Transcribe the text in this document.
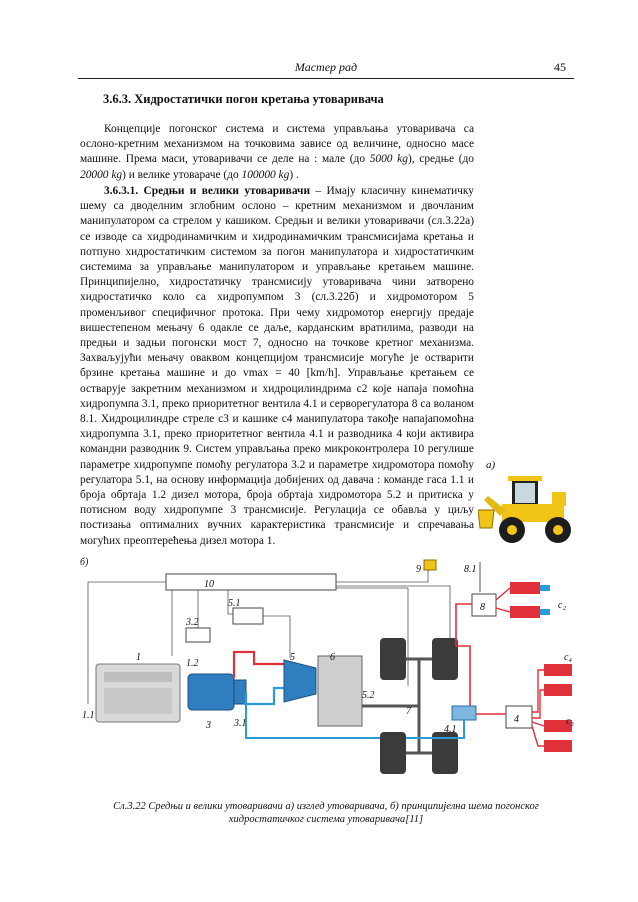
Мастер рад	45
3.6.3. Хидростатички погон кретања утоваривача
Концепције погонског система и система управљања утоваривача са ослоно-кретним механизмом на точковима зависе од величине, односно масе машине. Према маси, утоваривачи се деле на : мале (до 5000 kg), средње (до 20000 kg) и велике утовараче (до 100000 kg) .
3.6.3.1. Средњи и велики утоваривачи – Имају класичну кинематичку шему са дводелним зглобним ослоно – кретним механизмом и двочланим манипулатором са стрелом у кашиком. Средњи и велики утоваривачи (сл.3.22а) се изводе са хидродинамичким и хидродинамичким трансмисијама кретања и потпуно хидростатичким системом за погон манипулатора и хидростатичким системима за управљање манипулатором и управљање кретањем машине. Принципијелно, хидростатичку трансмисију утоваривача чини затворено хидростатичко коло са хидропумпом 3 (сл.3.22б) и хидромотором 5 променљивог специфичног протока. При чему хидромотор енергију предаје вишестепеном мењачу 6 одакле се даље, карданским вратилима, разводи на предњи и задњи погонски мост 7, односно на точкове кретног механизма. Захваљујући мењачу оваквом концепцијом трансмисије могуће је остварити брзине кретања машине и до vmax = 40 [km/h]. Управљање кретањем се остварује закретним механизмом и хидроцилиндрима c2 које напаја помоћна хидропумпа 3.1, преко приоритетног вентила 4.1 и серворегулатора 8 са воланом 8.1. Хидроцилиндре стреле c3 и кашике c4 манипулатора такође напајапомоћна хидропумпа 3.1, преко приоритетног вентила 4.1 и разводника 4 који активира командни разводник 9. Систем управљања преко микроконтролера 10 регулише параметре хидропумпе помоћу регулатора 3.2 и параметре хидромотора помоћу регулатора 5.1, на основу информација добијених од давача : команде гаса 1.1 и броја обртаја 1.2 дизел мотора, броја обртаја хидромотора 5.2 и притиска у потисном воду хидропумпе 3 трансмисије. Регулација се обавља у циљу постизања оптималних вучних карактеристика трансмисије и спречавања могућих преоптерећења дизел мотора 1.
а)
б)
10
5.1
3.2
1
1.2
1.1
3 3.1
5	6
5.2
7
4.1
9	8.1
8	c₂
4
c₄
c₃
Сл.3.22 Средњи и велики утоваривачи а) изглед утоваривача, б) принципијелна шема погонског
хидростатичког система утоваривача[11]
